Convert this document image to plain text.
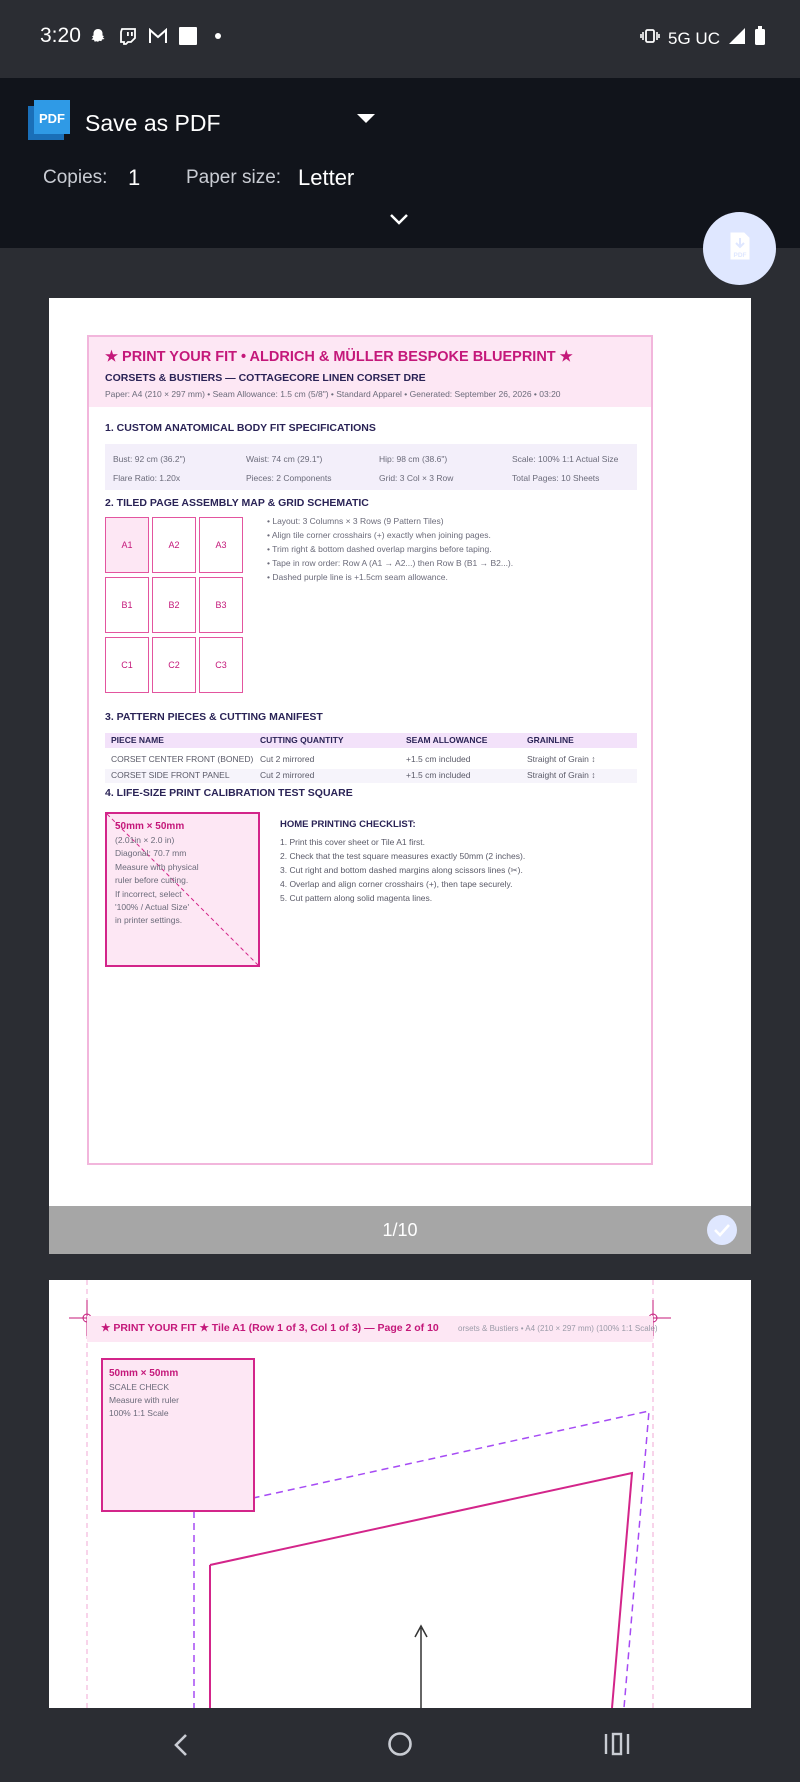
3:20	5G UC
PDF Save as PDF
Copies: 1 Paper size: Letter
PDF
★ PRINT YOUR FIT • ALDRICH & MÜLLER BESPOKE BLUEPRINT ★
CORSETS & BUSTIERS — COTTAGECORE LINEN CORSET DRE
Paper: A4 (210 × 297 mm) • Seam Allowance: 1.5 cm (5/8") • Standard Apparel • Generated: September 26, 2026 • 03:20
1. CUSTOM ANATOMICAL BODY FIT SPECIFICATIONS
Bust: 92 cm (36.2")	Waist: 74 cm (29.1")	Hip: 98 cm (38.6")	Scale: 100% 1:1 Actual Size
Flare Ratio: 1.20x	Pieces: 2 Components	Grid: 3 Col × 3 Row	Total Pages: 10 Sheets
2. TILED PAGE ASSEMBLY MAP & GRID SCHEMATIC
A1	A2	A3
B1	B2	B3
C1	C2	C3
• Layout: 3 Columns × 3 Rows (9 Pattern Tiles)
• Align tile corner crosshairs (+) exactly when joining pages.
• Trim right & bottom dashed overlap margins before taping.
• Tape in row order: Row A (A1 → A2...) then Row B (B1 → B2...).
• Dashed purple line is +1.5cm seam allowance.
3. PATTERN PIECES & CUTTING MANIFEST
PIECE NAME	CUTTING QUANTITY	SEAM ALLOWANCE	GRAINLINE
CORSET CENTER FRONT (BONED) Cut 2 mirrored	+1.5 cm included	Straight of Grain ↕
CORSET SIDE FRONT PANEL	Cut 2 mirrored	+1.5 cm included	Straight of Grain ↕
4. LIFE-SIZE PRINT CALIBRATION TEST SQUARE
50mm × 50mm
(2.01in × 2.0 in)
Diagonal: 70.7 mm
Measure with physical
ruler before cutting.
If incorrect, select
'100% / Actual Size'
in printer settings.
HOME PRINTING CHECKLIST:
1. Print this cover sheet or Tile A1 first.
2. Check that the test square measures exactly 50mm (2 inches).
3. Cut right and bottom dashed margins along scissors lines (✂).
4. Overlap and align corner crosshairs (+), then tape securely.
5. Cut pattern along solid magenta lines.
1/10
★ PRINT YOUR FIT ★ Tile A1 (Row 1 of 3, Col 1 of 3) — Page 2 of 10 orsets & Bustiers • A4 (210 × 297 mm) (100% 1:1 Scale)
50mm × 50mm
SCALE CHECK
Measure with ruler
100% 1:1 Scale
